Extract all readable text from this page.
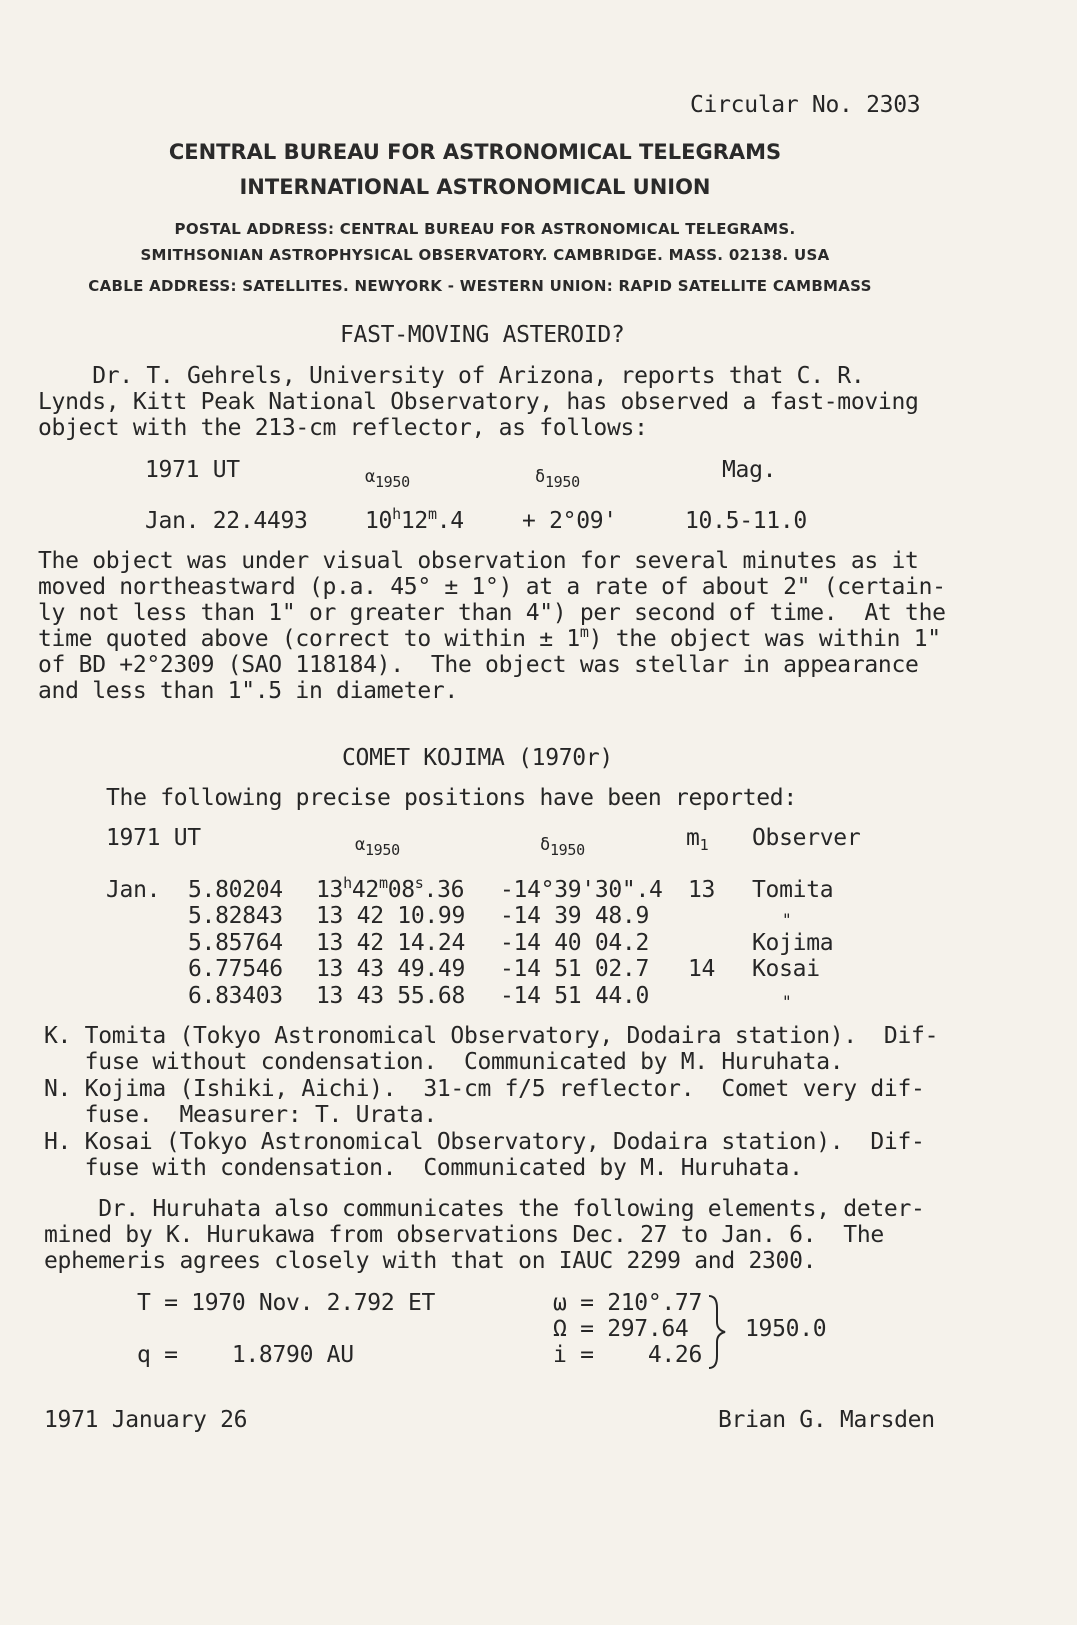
Circular No. 2303
CENTRAL BUREAU FOR ASTRONOMICAL TELEGRAMS
INTERNATIONAL ASTRONOMICAL UNION
POSTAL ADDRESS: CENTRAL BUREAU FOR ASTRONOMICAL TELEGRAMS.
SMITHSONIAN ASTROPHYSICAL OBSERVATORY. CAMBRIDGE. MASS. 02138. USA
CABLE ADDRESS: SATELLITES. NEWYORK - WESTERN UNION: RAPID SATELLITE CAMBMASS
FAST-MOVING ASTEROID?
Dr. T. Gehrels, University of Arizona, reports that C. R.
Lynds, Kitt Peak National Observatory, has observed a fast-moving
object with the 213-cm reflector, as follows:
1971 UT	$\alpha_{1950}$	$\delta_{1950}$	Mag.
Jan. 22.4493 $10^h12^m.4$	+ 2°09'	10.5-11.0
The object was under visual observation for several minutes as it
moved northeastward (p.a. 45° ± 1°) at a rate of about 2" (certain-
ly not less than 1" or greater than 4") per second of time.  At the
time quoted above (correct to within ± $1^m$) the object was within 1"
of BD +2°2309 (SAO 118184).  The object was stellar in appearance
and less than 1".5 in diameter.
COMET KOJIMA (1970r)
The following precise positions have been reported:
1971 UT	$\alpha_{1950}$	$\delta_{1950}$	$m_1$ Observer
Jan. 5.80204 13$^h$42$^m$08$^s$.36 -14°39'30".4 13 Tomita
5.82843 13 42 10.99 -14 39 48.9	"
5.85764 13 42 14.24 -14 40 04.2	Kojima
6.77546 13 43 49.49 -14 51 02.7 14 Kosai
6.83403 13 43 55.68 -14 51 44.0	"
K. Tomita (Tokyo Astronomical Observatory, Dodaira station).  Dif-
fuse without condensation.  Communicated by M. Huruhata.
N. Kojima (Ishiki, Aichi).  31-cm f/5 reflector.  Comet very dif-
fuse.  Measurer: T. Urata.
H. Kosai (Tokyo Astronomical Observatory, Dodaira station).  Dif-
fuse with condensation.  Communicated by M. Huruhata.
Dr. Huruhata also communicates the following elements, deter-
mined by K. Hurukawa from observations Dec. 27 to Jan. 6.  The
ephemeris agrees closely with that on IAUC 2299 and 2300.
T = 1970 Nov. 2.792 ET
q =    1.8790 AU
ω = 210°.77
Ω = 297.64
i =    4.26
1950.0
1971 January 26	Brian G. Marsden
